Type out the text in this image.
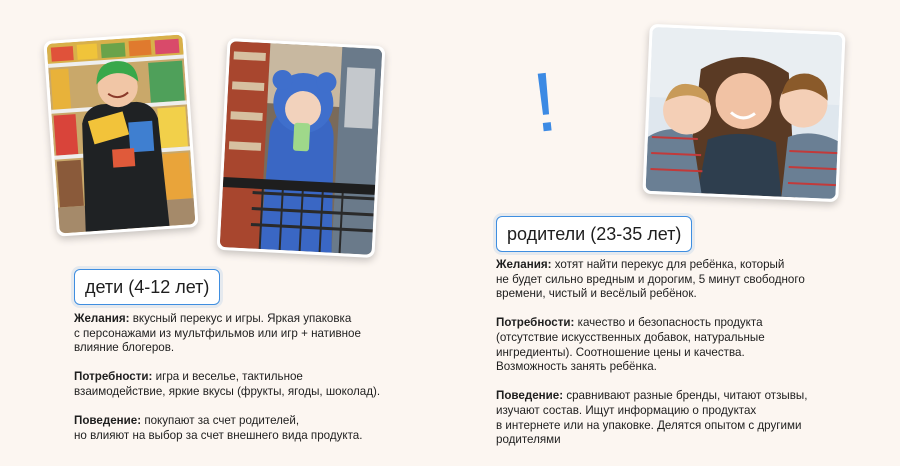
!
дети (4-12 лет)
Желания: вкусный перекус и игры. Яркая упаковка
с персонажами из мультфильмов или игр + нативное
влияние блогеров.
Потребности: игра и веселье, тактильное
взаимодействие, яркие вкусы (фрукты, ягоды, шоколад).
Поведение: покупают за счет родителей,
но влияют на выбор за счет внешнего вида продукта.
родители (23-35 лет)
Желания: хотят найти перекус для ребёнка, который
не будет сильно вредным и дорогим, 5 минут свободного
времени, чистый и весёлый ребёнок.
Потребности: качество и безопасность продукта
(отсутствие искусственных добавок, натуральные
ингредиенты). Соотношение цены и качества.
Возможность занять ребёнка.
Поведение: сравнивают разные бренды, читают отзывы,
изучают состав. Ищут информацию о продуктах
в интернете или на упаковке. Делятся опытом с другими
родителями
